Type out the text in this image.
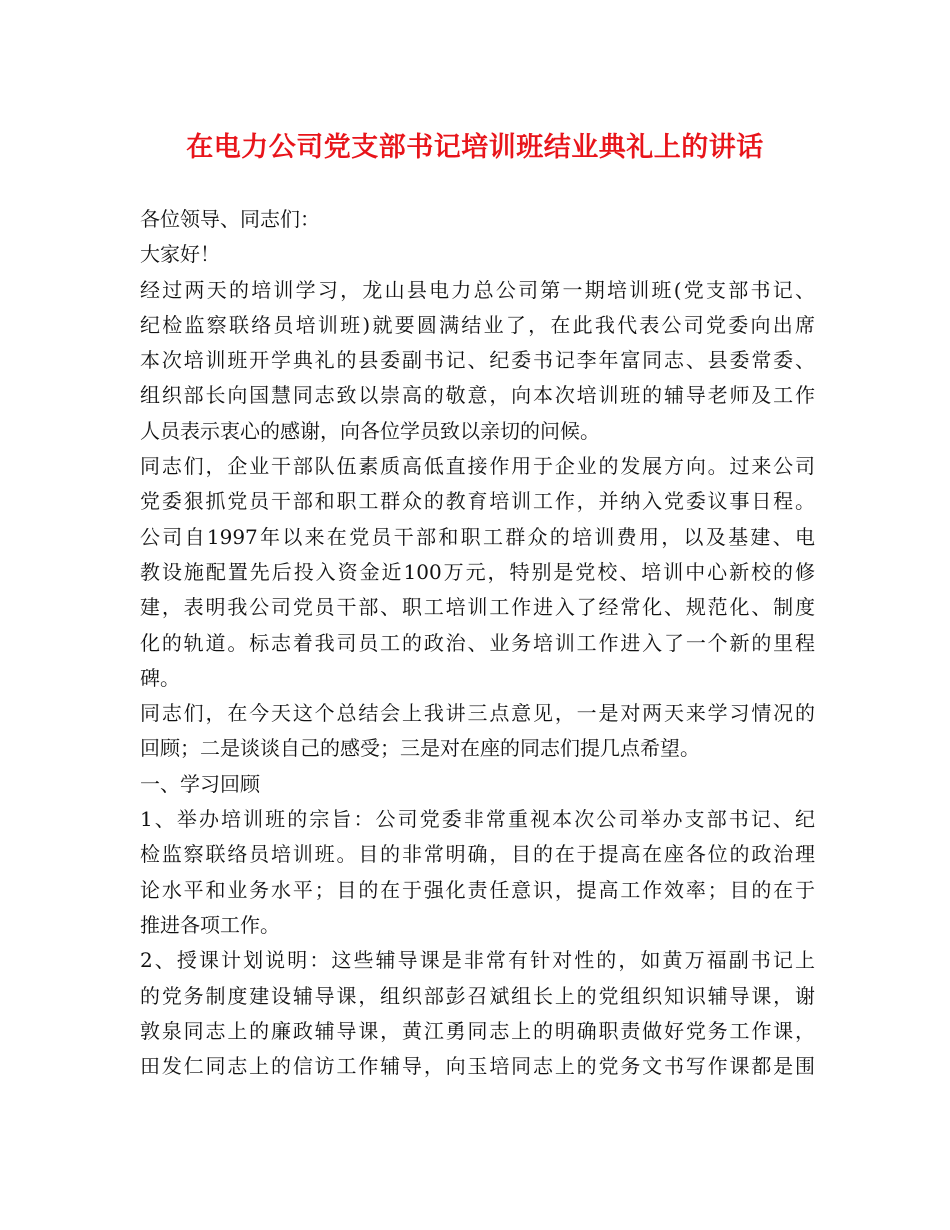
在电力公司党支部书记培训班结业典礼上的讲话
各位领导、同志们：
大家好！
经过两天的培训学习，龙山县电力总公司第一期培训班(党支部书记、
纪检监察联络员培训班)就要圆满结业了，在此我代表公司党委向出席
本次培训班开学典礼的县委副书记、纪委书记李年富同志、县委常委、
组织部长向国慧同志致以崇高的敬意，向本次培训班的辅导老师及工作
人员表示衷心的感谢，向各位学员致以亲切的问候。
同志们，企业干部队伍素质高低直接作用于企业的发展方向。过来公司
党委狠抓党员干部和职工群众的教育培训工作，并纳入党委议事日程。
公司自1997年以来在党员干部和职工群众的培训费用，以及基建、电
教设施配置先后投入资金近100万元，特别是党校、培训中心新校的修
建，表明我公司党员干部、职工培训工作进入了经常化、规范化、制度
化的轨道。标志着我司员工的政治、业务培训工作进入了一个新的里程
碑。
同志们，在今天这个总结会上我讲三点意见，一是对两天来学习情况的
回顾；二是谈谈自己的感受；三是对在座的同志们提几点希望。
一、学习回顾
1、举办培训班的宗旨：公司党委非常重视本次公司举办支部书记、纪
检监察联络员培训班。目的非常明确，目的在于提高在座各位的政治理
论水平和业务水平；目的在于强化责任意识，提高工作效率；目的在于
推进各项工作。
2、授课计划说明：这些辅导课是非常有针对性的，如黄万福副书记上
的党务制度建设辅导课，组织部彭召斌组长上的党组织知识辅导课，谢
敦泉同志上的廉政辅导课，黄江勇同志上的明确职责做好党务工作课，
田发仁同志上的信访工作辅导，向玉培同志上的党务文书写作课都是围
